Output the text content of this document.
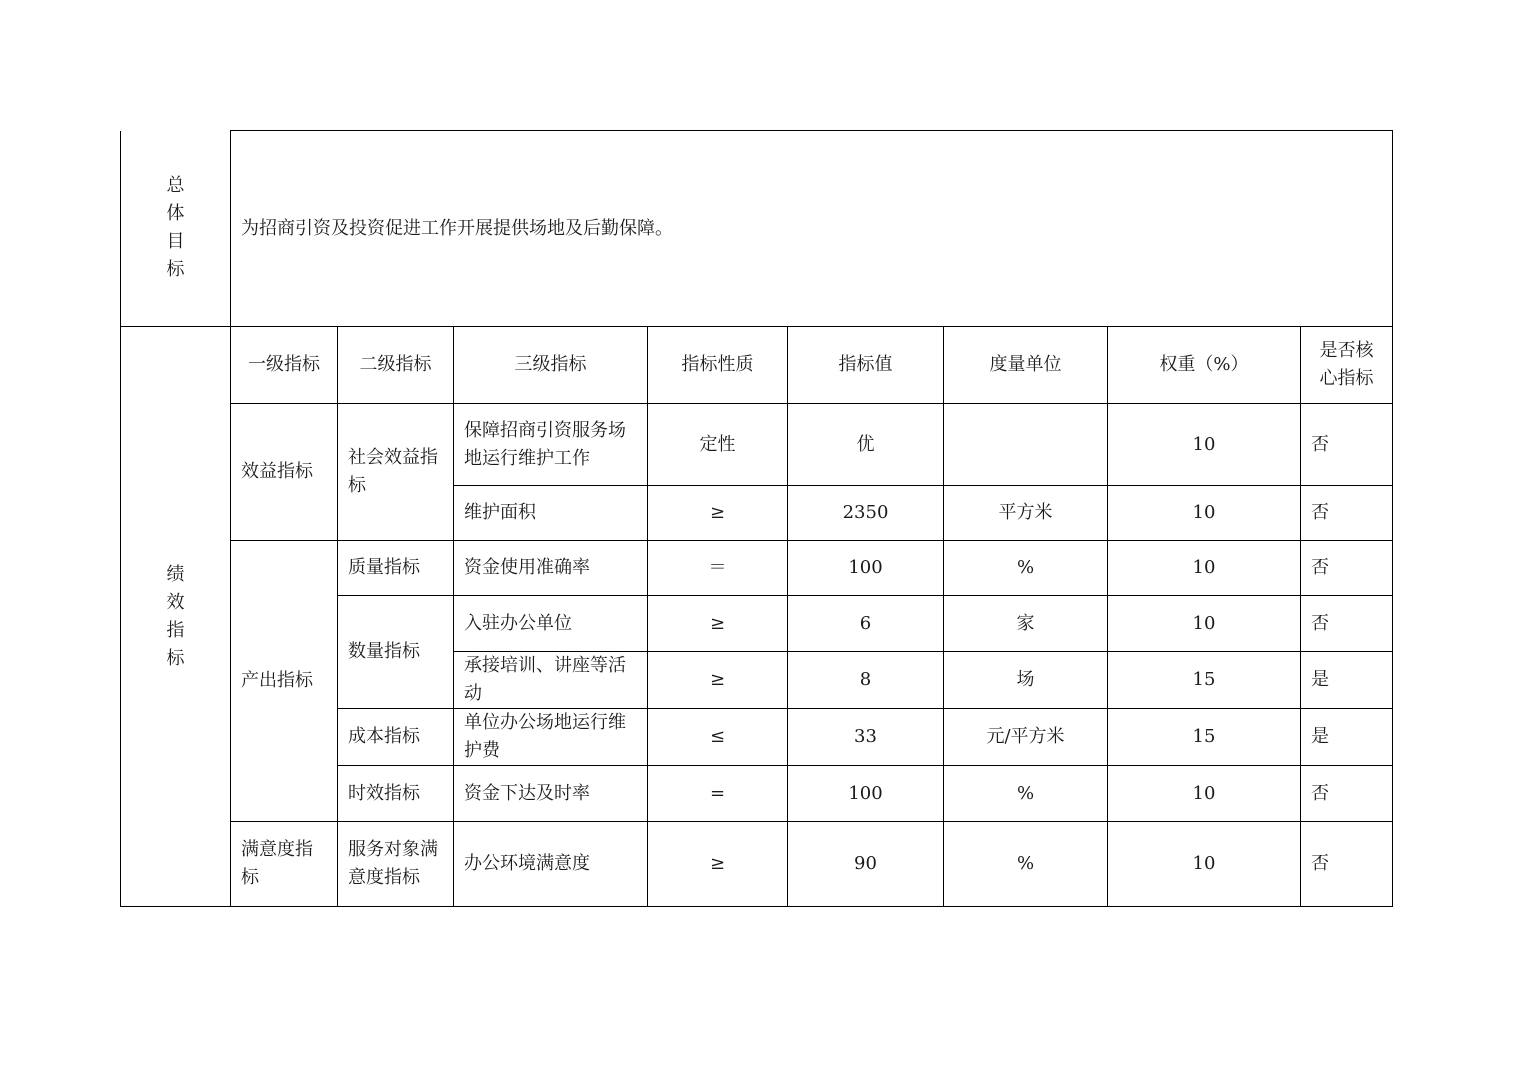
总
体
目
标	为招商引资及投资促进工作开展提供场地及后勤保障。							

绩
效
指
标	一级指标	二级指标	三级指标	指标性质	指标值	度量单位	权重（%）	是否核心指标
	效益指标	社会效益指标	保障招商引资服务场地运行维护工作	定性	优		10	否
			维护面积	≥	2350	平方米	10	否
	产出指标	质量指标	资金使用准确率	＝	100	%	10	否
		数量指标	入驻办公单位	≥	6	家	10	否
			承接培训、讲座等活动	≥	8	场	15	是
		成本指标	单位办公场地运行维护费	≤	33	元/平方米	15	是
		时效指标	资金下达及时率	=	100	%	10	否
	满意度指标	服务对象满意度指标	办公环境满意度	≥	90	%	10	否
